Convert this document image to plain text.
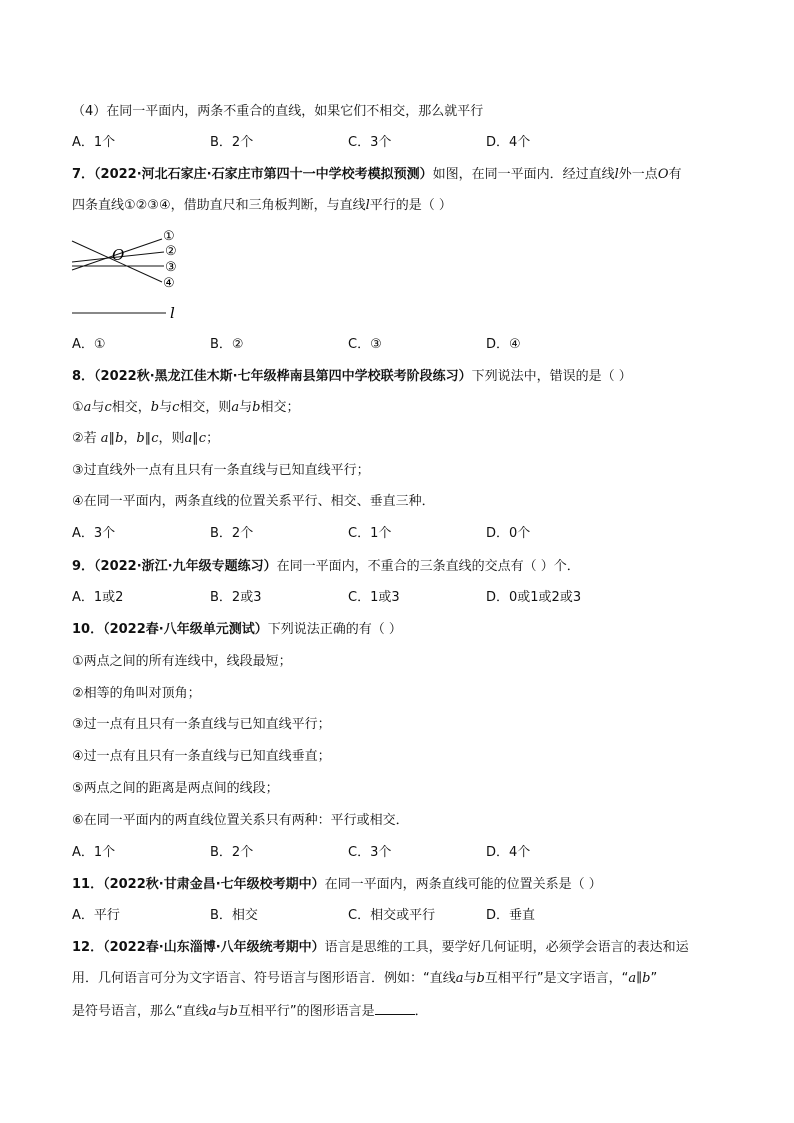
（4）在同一平面内，两条不重合的直线，如果它们不相交，那么就平行
A．1个	B．2个	C．3个	D．4个
7．（2022·河北石家庄·石家庄市第四十一中学校考模拟预测）如图，在同一平面内．经过直线l外一点O有
四条直线①②③④，借助直尺和三角板判断，与直线l平行的是（ ）
O
l
①
②
③
④
A．①	B．②	C．③	D．④
8．（2022秋·黑龙江佳木斯·七年级桦南县第四中学校联考阶段练习）下列说法中，错误的是（ ）
①a与c相交，b与c相交，则a与b相交；
②若 a∥b，b∥c，则a∥c；
③过直线外一点有且只有一条直线与已知直线平行；
④在同一平面内，两条直线的位置关系平行、相交、垂直三种．
A．3个	B．2个	C．1个	D．0个
9．（2022·浙江·九年级专题练习）在同一平面内，不重合的三条直线的交点有（ ）个．
A．1或2	B．2或3	C．1或3	D．0或1或2或3
10．（2022春·八年级单元测试）下列说法正确的有（ ）
①两点之间的所有连线中，线段最短；
②相等的角叫对顶角；
③过一点有且只有一条直线与已知直线平行；
④过一点有且只有一条直线与已知直线垂直；
⑤两点之间的距离是两点间的线段；
⑥在同一平面内的两直线位置关系只有两种：平行或相交．
A．1个	B．2个	C．3个	D．4个
11．（2022秋·甘肃金昌·七年级校考期中）在同一平面内，两条直线可能的位置关系是（ ）
A．平行	B．相交	C．相交或平行	D．垂直
12．（2022春·山东淄博·八年级统考期中）语言是思维的工具，要学好几何证明，必须学会语言的表达和运
用．几何语言可分为文字语言、符号语言与图形语言．例如：“直线a与b互相平行”是文字语言，“a∥b”
是符号语言，那么“直线a与b互相平行”的图形语言是	．
